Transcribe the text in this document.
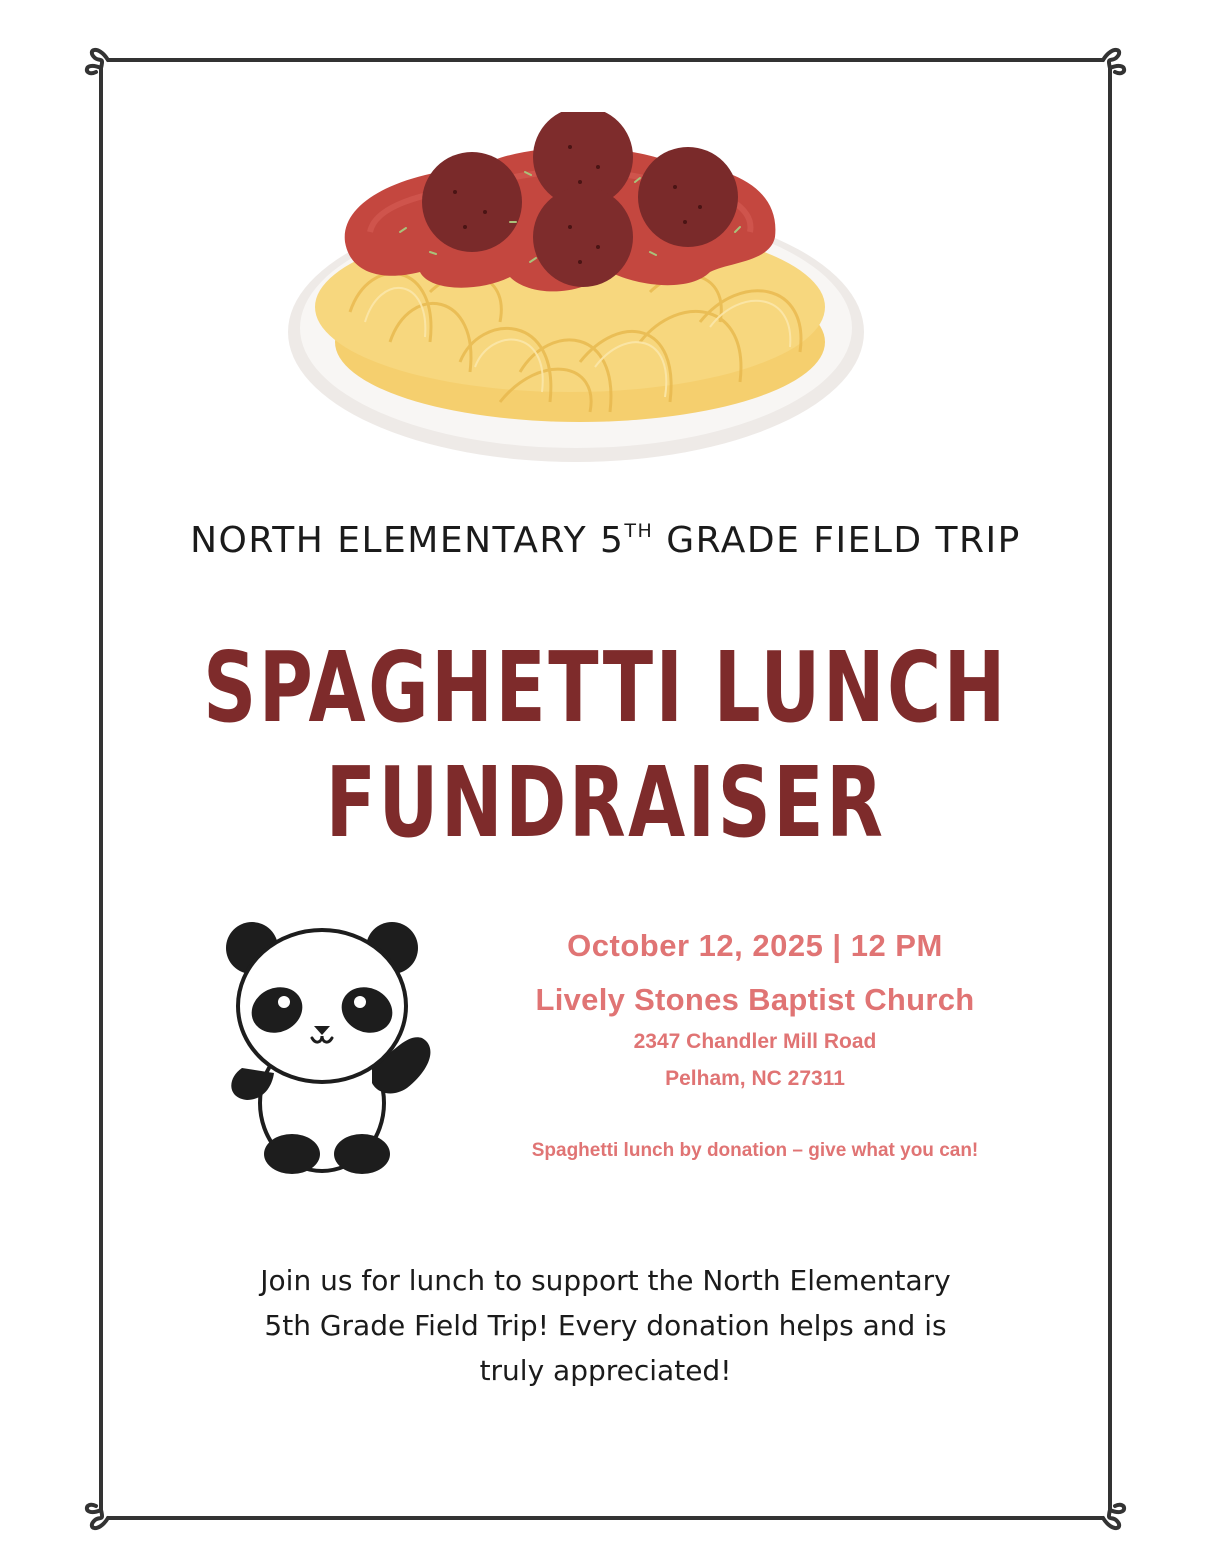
NORTH ELEMENTARY 5TH GRADE FIELD TRIP
SPAGHETTI LUNCH
FUNDRAISER
October 12, 2025 | 12 PM
Lively Stones Baptist Church
2347 Chandler Mill Road
Pelham, NC 27311
Spaghetti lunch by donation – give what you can!
Join us for lunch to support the North Elementary
5th Grade Field Trip! Every donation helps and is
truly appreciated!
